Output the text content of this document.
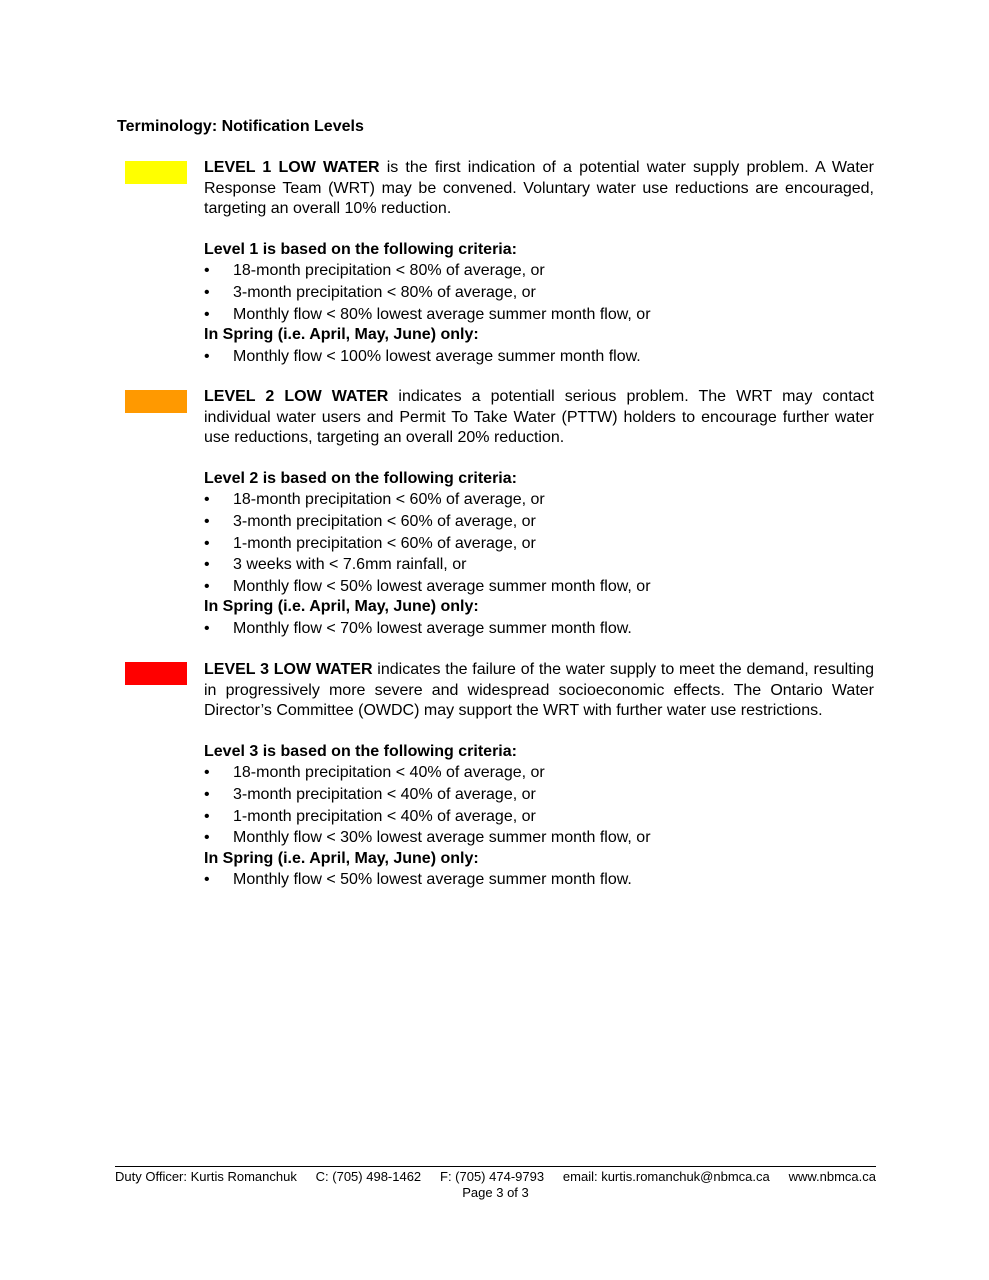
Terminology: Notification Levels

LEVEL 1 LOW WATER is the first indication of a potential water supply problem. A Water Response Team (WRT) may be convened. Voluntary water use reductions are encouraged, targeting an overall 10% reduction.

Level 1 is based on the following criteria:

• 18-month precipitation < 80% of average, or
• 3-month precipitation < 80% of average, or
• Monthly flow < 80% lowest average summer month flow, or

In Spring (i.e. April, May, June) only:

• Monthly flow < 100% lowest average summer month flow.

LEVEL 2 LOW WATER indicates a potentiall serious problem. The WRT may contact individual water users and Permit To Take Water (PTTW) holders to encourage further water use reductions, targeting an overall 20% reduction.

Level 2 is based on the following criteria:

• 18-month precipitation < 60% of average, or
• 3-month precipitation < 60% of average, or
• 1-month precipitation < 60% of average, or
• 3 weeks with < 7.6mm rainfall, or
• Monthly flow < 50% lowest average summer month flow, or

In Spring (i.e. April, May, June) only:

• Monthly flow < 70% lowest average summer month flow.

LEVEL 3 LOW WATER indicates the failure of the water supply to meet the demand, resulting in progressively more severe and widespread socioeconomic effects. The Ontario Water Director’s Committee (OWDC) may support the WRT with further water use restrictions.

Level 3 is based on the following criteria:

• 18-month precipitation < 40% of average, or
• 3-month precipitation < 40% of average, or
• 1-month precipitation < 40% of average, or
• Monthly flow < 30% lowest average summer month flow, or

In Spring (i.e. April, May, June) only:

• Monthly flow < 50% lowest average summer month flow.
Duty Officer: Kurtis Romanchuk C: (705) 498-1462 F: (705) 474-9793 email: kurtis.romanchuk@nbmca.ca www.nbmca.ca
Page 3 of 3
